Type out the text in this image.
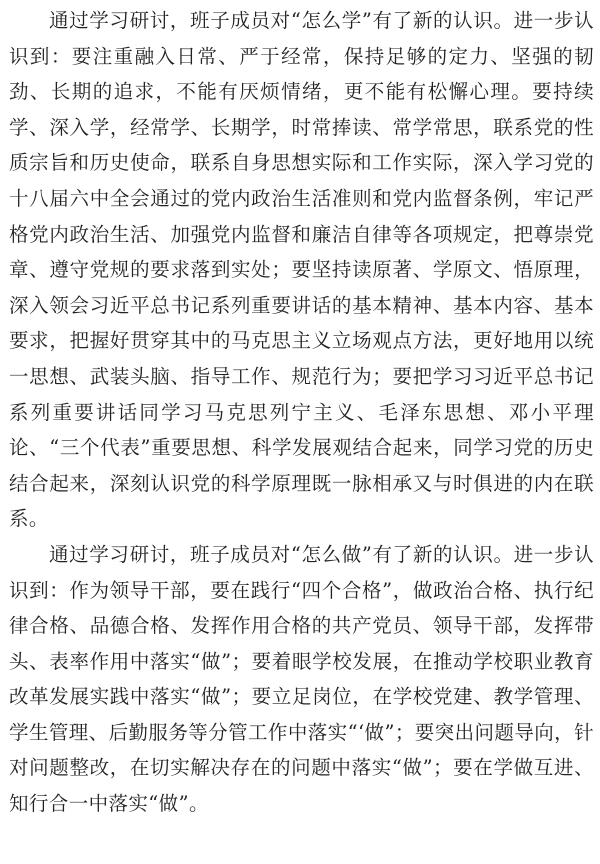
通过学习研讨，班子成员对“怎么学”有了新的认识。进一步认识到：要注重融入日常、严于经常，保持足够的定力、坚强的韧劲、长期的追求，不能有厌烦情绪，更不能有松懈心理。要持续学、深入学，经常学、长期学，时常捧读、常学常思，联系党的性质宗旨和历史使命，联系自身思想实际和工作实际，深入学习党的十八届六中全会通过的党内政治生活准则和党内监督条例，牢记严格党内政治生活、加强党内监督和廉洁自律等各项规定，把尊崇党章、遵守党规的要求落到实处；要坚持读原著、学原文、悟原理，深入领会习近平总书记系列重要讲话的基本精神、基本内容、基本要求，把握好贯穿其中的马克思主义立场观点方法，更好地用以统一思想、武装头脑、指导工作、规范行为；要把学习习近平总书记系列重要讲话同学习马克思列宁主义、毛泽东思想、邓小平理论、“三个代表”重要思想、科学发展观结合起来，同学习党的历史结合起来，深刻认识党的科学原理既一脉相承又与时俱进的内在联系。

通过学习研讨，班子成员对“怎么做”有了新的认识。进一步认识到：作为领导干部，要在践行“四个合格”，做政治合格、执行纪律合格、品德合格、发挥作用合格的共产党员、领导干部，发挥带头、表率作用中落实“做”；要着眼学校发展，在推动学校职业教育改革发展实践中落实“做”；要立足岗位，在学校党建、教学管理、学生管理、后勤服务等分管工作中落实“‘做”；要突出问题导向，针对问题整改，在切实解决存在的问题中落实“做”；要在学做互进、知行合一中落实“做”。
